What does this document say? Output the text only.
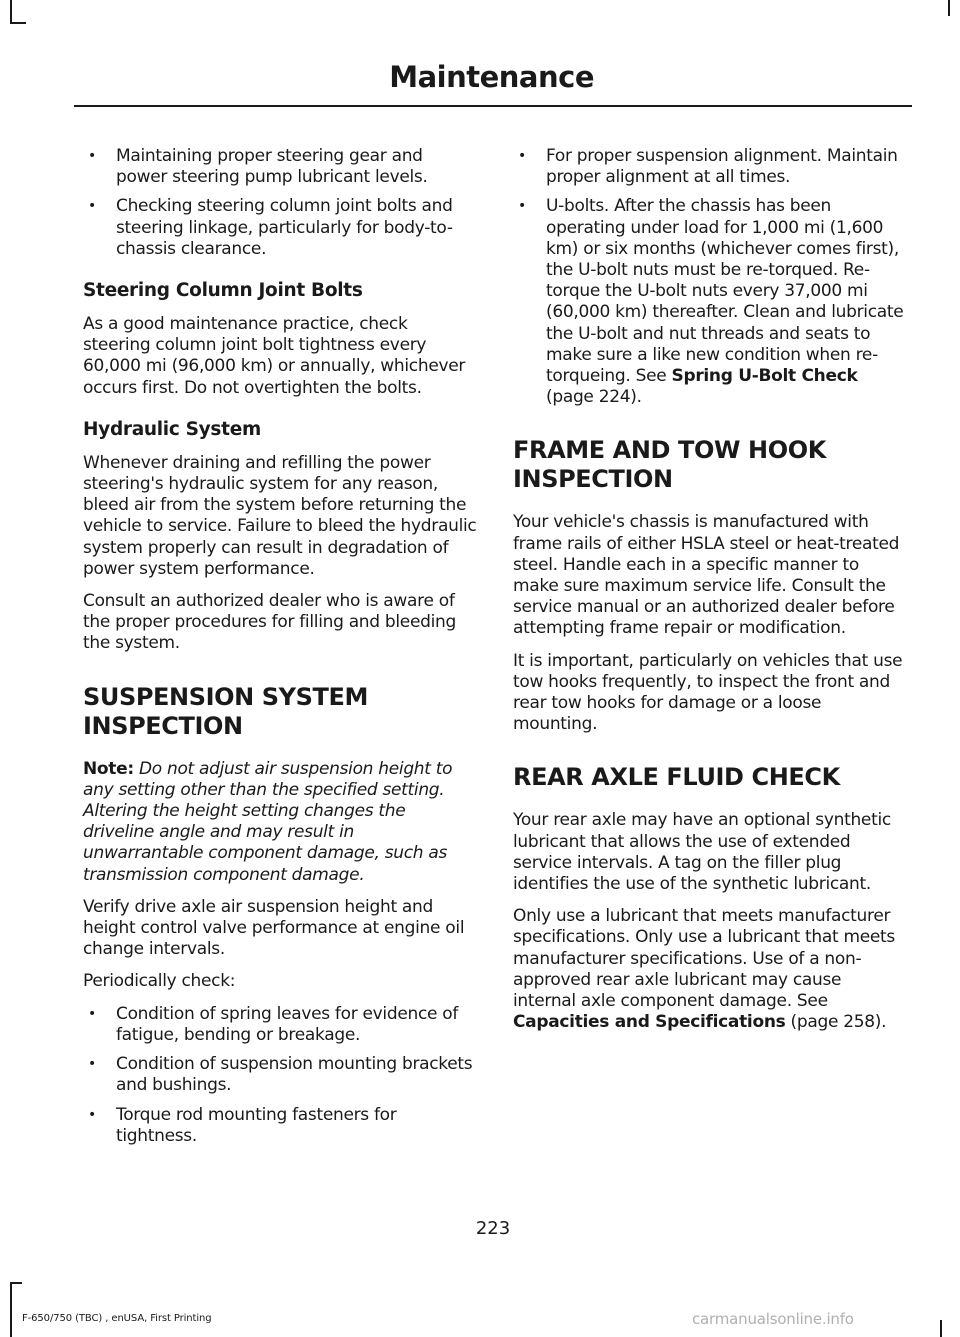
Maintenance
• Maintaining proper steering gear and power steering pump lubricant levels.
• Checking steering column joint bolts and steering linkage, particularly for body-to-chassis clearance.
Steering Column Joint Bolts

As a good maintenance practice, check steering column joint bolt tightness every 60,000 mi (96,000 km) or annually, whichever occurs first. Do not overtighten the bolts.

Hydraulic System

Whenever draining and refilling the power steering's hydraulic system for any reason, bleed air from the system before returning the vehicle to service. Failure to bleed the hydraulic system properly can result in degradation of power system performance.

Consult an authorized dealer who is aware of the proper procedures for filling and bleeding the system.

SUSPENSION SYSTEM
INSPECTION

Note: Do not adjust air suspension height to any setting other than the specified setting. Altering the height setting changes the driveline angle and may result in unwarrantable component damage, such as transmission component damage.

Verify drive axle air suspension height and height control valve performance at engine oil change intervals.

Periodically check:

• Condition of spring leaves for evidence of fatigue, bending or breakage.
• Condition of suspension mounting brackets and bushings.
• Torque rod mounting fasteners for tightness.
• For proper suspension alignment. Maintain proper alignment at all times.
• U-bolts. After the chassis has been operating under load for 1,000 mi (1,600 km) or six months (whichever comes first), the U-bolt nuts must be re-torqued. Re-torque the U-bolt nuts every 37,000 mi (60,000 km) thereafter. Clean and lubricate the U-bolt and nut threads and seats to make sure a like new condition when re-torqueing. See Spring U-Bolt Check (page 224).
FRAME AND TOW HOOK
INSPECTION

Your vehicle's chassis is manufactured with frame rails of either HSLA steel or heat-treated steel. Handle each in a specific manner to make sure maximum service life. Consult the service manual or an authorized dealer before attempting frame repair or modification.

It is important, particularly on vehicles that use tow hooks frequently, to inspect the front and rear tow hooks for damage or a loose mounting.

REAR AXLE FLUID CHECK

Your rear axle may have an optional synthetic lubricant that allows the use of extended service intervals. A tag on the filler plug identifies the use of the synthetic lubricant.

Only use a lubricant that meets manufacturer specifications. Only use a lubricant that meets manufacturer specifications. Use of a non-approved rear axle lubricant may cause internal axle component damage. See Capacities and Specifications (page 258).

223
F-650/750 (TBC) , enUSA, First Printing	carmanualsonline.info
